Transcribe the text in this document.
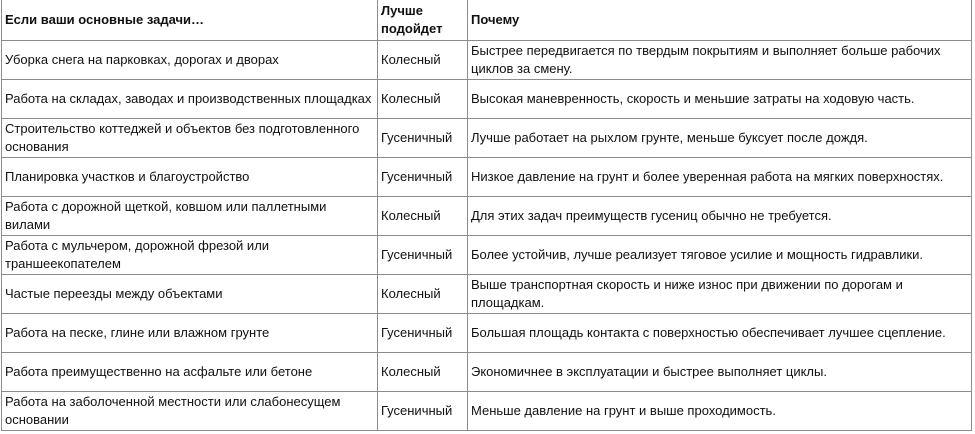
Если ваши основные задачи…	Лучше подойдет	Почему
Уборка снега на парковках, дорогах и дворах	Колесный	Быстрее передвигается по твердым покрытиям и выполняет больше рабочих циклов за смену.
Работа на складах, заводах и производственных площадках	Колесный	Высокая маневренность, скорость и меньшие затраты на ходовую часть.
Строительство коттеджей и объектов без подготовленного основания	Гусеничный	Лучше работает на рыхлом грунте, меньше буксует после дождя.
Планировка участков и благоустройство	Гусеничный	Низкое давление на грунт и более уверенная работа на мягких поверхностях.
Работа с дорожной щеткой, ковшом или паллетными вилами	Колесный	Для этих задач преимуществ гусениц обычно не требуется.
Работа с мульчером, дорожной фрезой или траншеекопателем	Гусеничный	Более устойчив, лучше реализует тяговое усилие и мощность гидравлики.
Частые переезды между объектами	Колесный	Выше транспортная скорость и ниже износ при движении по дорогам и площадкам.
Работа на песке, глине или влажном грунте	Гусеничный	Большая площадь контакта с поверхностью обеспечивает лучшее сцепление.
Работа преимущественно на асфальте или бетоне	Колесный	Экономичнее в эксплуатации и быстрее выполняет циклы.
Работа на заболоченной местности или слабонесущем основании	Гусеничный	Меньше давление на грунт и выше проходимость.
